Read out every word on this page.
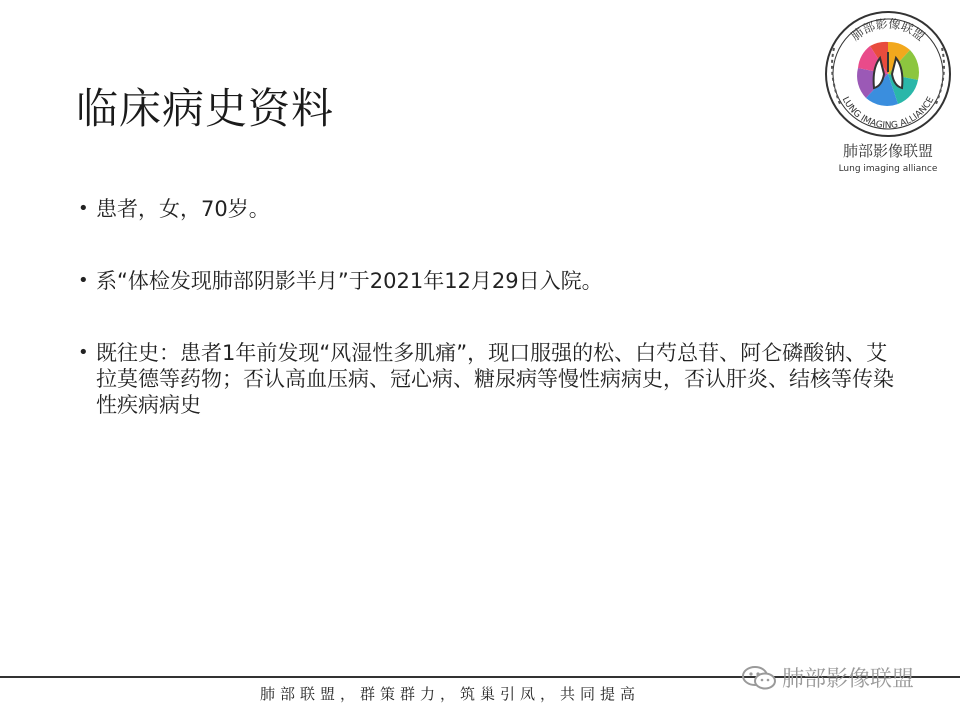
临床病史资料
• 患者，女，70岁。
• 系“体检发现肺部阴影半月”于2021年12月29日入院。
• 既往史：患者1年前发现“风湿性多肌痛”，现口服强的松、白芍总苷、阿仑磷酸钠、艾拉莫德等药物；否认高血压病、冠心病、糖尿病等慢性病病史，否认肝炎、结核等传染性疾病病史
肺部影像联盟
LUNG IMAGING ALLIANCE
肺部影像联盟
Lung imaging alliance
肺部联盟，群策群力，筑巢引凤，共同提高
肺部影像联盟
